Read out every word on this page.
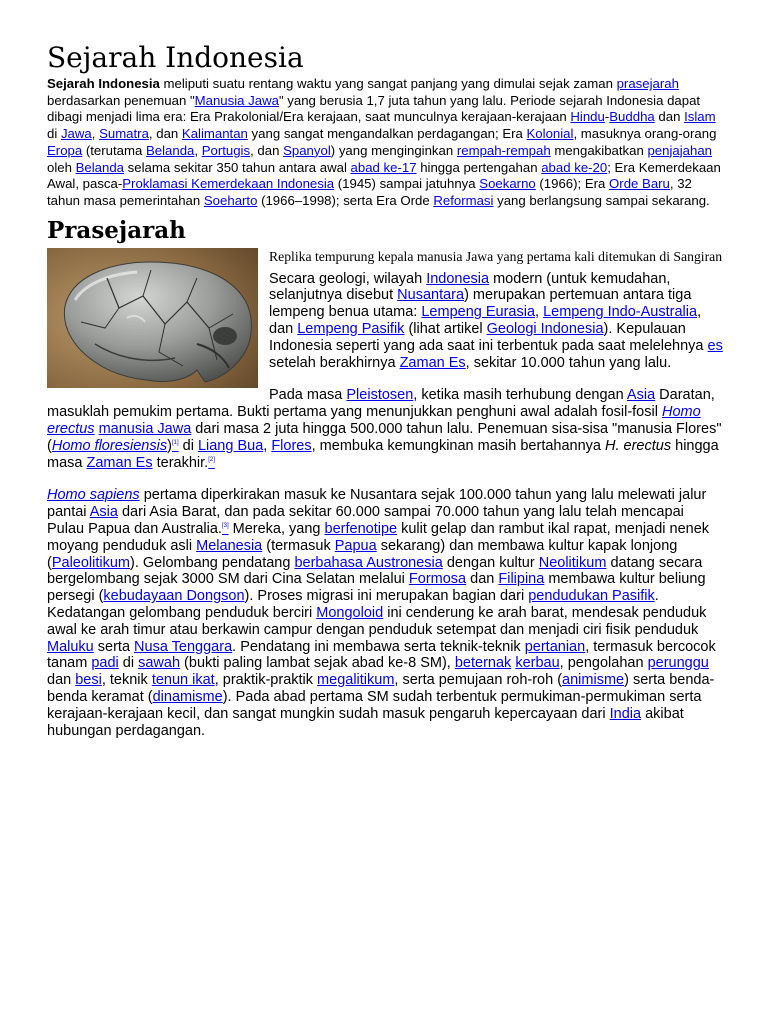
Sejarah Indonesia

Sejarah Indonesia meliputi suatu rentang waktu yang sangat panjang yang dimulai sejak zaman prasejarah berdasarkan penemuan "Manusia Jawa" yang berusia 1,7 juta tahun yang lalu. Periode sejarah Indonesia dapat dibagi menjadi lima era: Era Prakolonial/Era kerajaan, saat munculnya kerajaan-kerajaan Hindu-Buddha dan Islam di Jawa, Sumatra, dan Kalimantan yang sangat mengandalkan perdagangan; Era Kolonial, masuknya orang-orang Eropa (terutama Belanda, Portugis, dan Spanyol) yang menginginkan rempah-rempah mengakibatkan penjajahan oleh Belanda selama sekitar 350 tahun antara awal abad ke-17 hingga pertengahan abad ke-20; Era Kemerdekaan Awal, pasca-Proklamasi Kemerdekaan Indonesia (1945) sampai jatuhnya Soekarno (1966); Era Orde Baru, 32 tahun masa pemerintahan Soeharto (1966–1998); serta Era Orde Reformasi yang berlangsung sampai sekarang.

Prasejarah

Replika tempurung kepala manusia Jawa yang pertama kali ditemukan di Sangiran

Secara geologi, wilayah Indonesia modern (untuk kemudahan, selanjutnya disebut Nusantara) merupakan pertemuan antara tiga lempeng benua utama: Lempeng Eurasia, Lempeng Indo-Australia, dan Lempeng Pasifik (lihat artikel Geologi Indonesia). Kepulauan Indonesia seperti yang ada saat ini terbentuk pada saat melelehnya es setelah berakhirnya Zaman Es, sekitar 10.000 tahun yang lalu.

Pada masa Pleistosen, ketika masih terhubung dengan Asia Daratan, masuklah pemukim pertama. Bukti pertama yang menunjukkan penghuni awal adalah fosil-fosil Homo erectus manusia Jawa dari masa 2 juta hingga 500.000 tahun lalu. Penemuan sisa-sisa "manusia Flores" (Homo floresiensis)[1] di Liang Bua, Flores, membuka kemungkinan masih bertahannya H. erectus hingga masa Zaman Es terakhir.[2]

Homo sapiens pertama diperkirakan masuk ke Nusantara sejak 100.000 tahun yang lalu melewati jalur pantai Asia dari Asia Barat, dan pada sekitar 60.000 sampai 70.000 tahun yang lalu telah mencapai Pulau Papua dan Australia.[3] Mereka, yang berfenotipe kulit gelap dan rambut ikal rapat, menjadi nenek moyang penduduk asli Melanesia (termasuk Papua sekarang) dan membawa kultur kapak lonjong (Paleolitikum). Gelombang pendatang berbahasa Austronesia dengan kultur Neolitikum datang secara bergelombang sejak 3000 SM dari Cina Selatan melalui Formosa dan Filipina membawa kultur beliung persegi (kebudayaan Dongson). Proses migrasi ini merupakan bagian dari pendudukan Pasifik. Kedatangan gelombang penduduk berciri Mongoloid ini cenderung ke arah barat, mendesak penduduk awal ke arah timur atau berkawin campur dengan penduduk setempat dan menjadi ciri fisik penduduk Maluku serta Nusa Tenggara. Pendatang ini membawa serta teknik-teknik pertanian, termasuk bercocok tanam padi di sawah (bukti paling lambat sejak abad ke-8 SM), beternak kerbau, pengolahan perunggu dan besi, teknik tenun ikat, praktik-praktik megalitikum, serta pemujaan roh-roh (animisme) serta benda-benda keramat (dinamisme). Pada abad pertama SM sudah terbentuk permukiman-permukiman serta kerajaan-kerajaan kecil, dan sangat mungkin sudah masuk pengaruh kepercayaan dari India akibat hubungan perdagangan.
